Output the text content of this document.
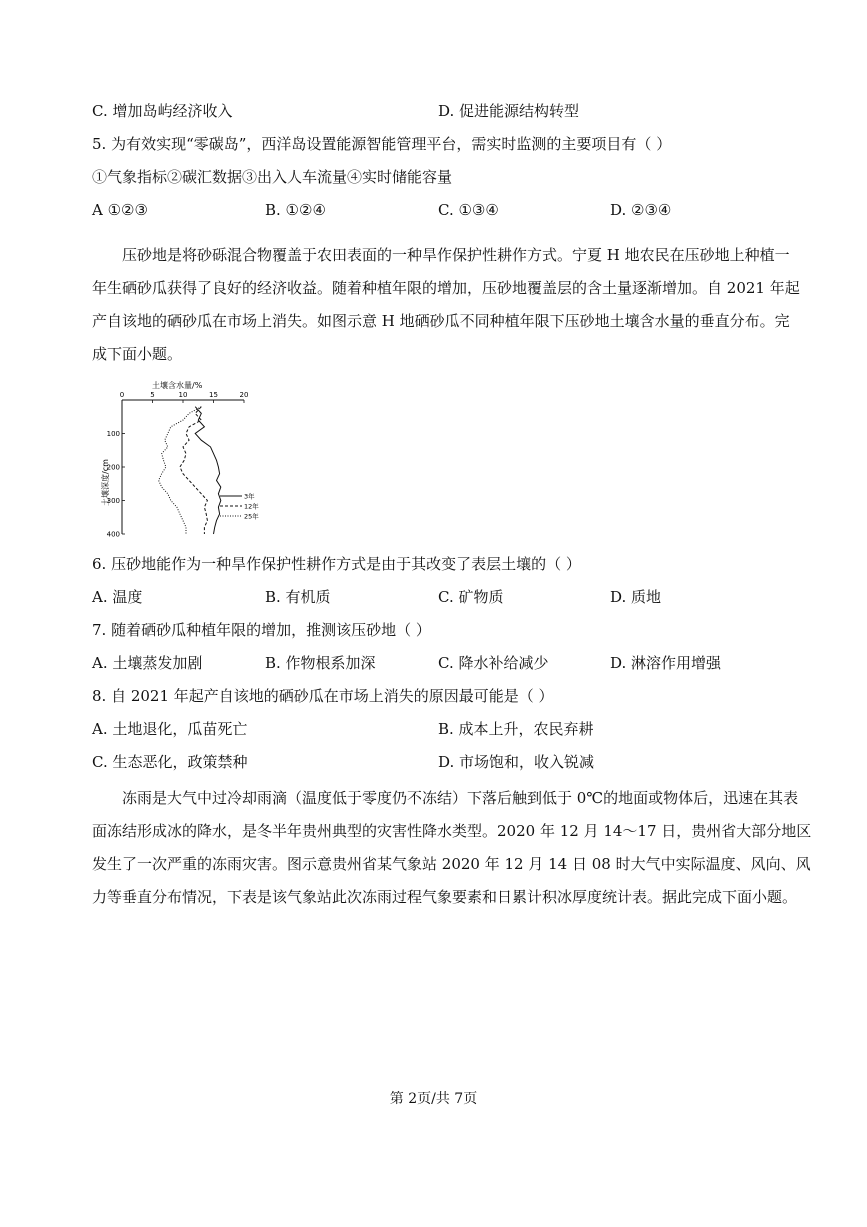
C. 增加岛屿经济收入	D. 促进能源结构转型
5. 为有效实现“零碳岛”，西洋岛设置能源智能管理平台，需实时监测的主要项目有（ ）
①气象指标②碳汇数据③出入人车流量④实时储能容量
A ①②③	B. ①②④	C. ①③④	D. ②③④
压砂地是将砂砾混合物覆盖于农田表面的一种旱作保护性耕作方式。宁夏 H 地农民在压砂地上种植一
年生硒砂瓜获得了良好的经济收益。随着种植年限的增加，压砂地覆盖层的含土量逐渐增加。自 2021 年起
产自该地的硒砂瓜在市场上消失。如图示意 H 地硒砂瓜不同种植年限下压砂地土壤含水量的垂直分布。完
成下面小题。
土壤含水量/%
土壤深度/cm
0	5	10	15	20
100
200
300
400
3年
12年
25年
6. 压砂地能作为一种旱作保护性耕作方式是由于其改变了表层土壤的（ ）
A. 温度	B. 有机质	C. 矿物质	D. 质地
7. 随着硒砂瓜种植年限的增加，推测该压砂地（ ）
A. 土壤蒸发加剧	B. 作物根系加深	C. 降水补给减少	D. 淋溶作用增强
8. 自 2021 年起产自该地的硒砂瓜在市场上消失的原因最可能是（ ）
A. 土地退化，瓜苗死亡	B. 成本上升，农民弃耕
C. 生态恶化，政策禁种	D. 市场饱和，收入锐减
冻雨是大气中过冷却雨滴（温度低于零度仍不冻结）下落后触到低于 0℃的地面或物体后，迅速在其表
面冻结形成冰的降水，是冬半年贵州典型的灾害性降水类型。2020 年 12 月 14～17 日，贵州省大部分地区
发生了一次严重的冻雨灾害。图示意贵州省某气象站 2020 年 12 月 14 日 08 时大气中实际温度、风向、风
力等垂直分布情况，下表是该气象站此次冻雨过程气象要素和日累计积冰厚度统计表。据此完成下面小题。
第 2页/共 7页
